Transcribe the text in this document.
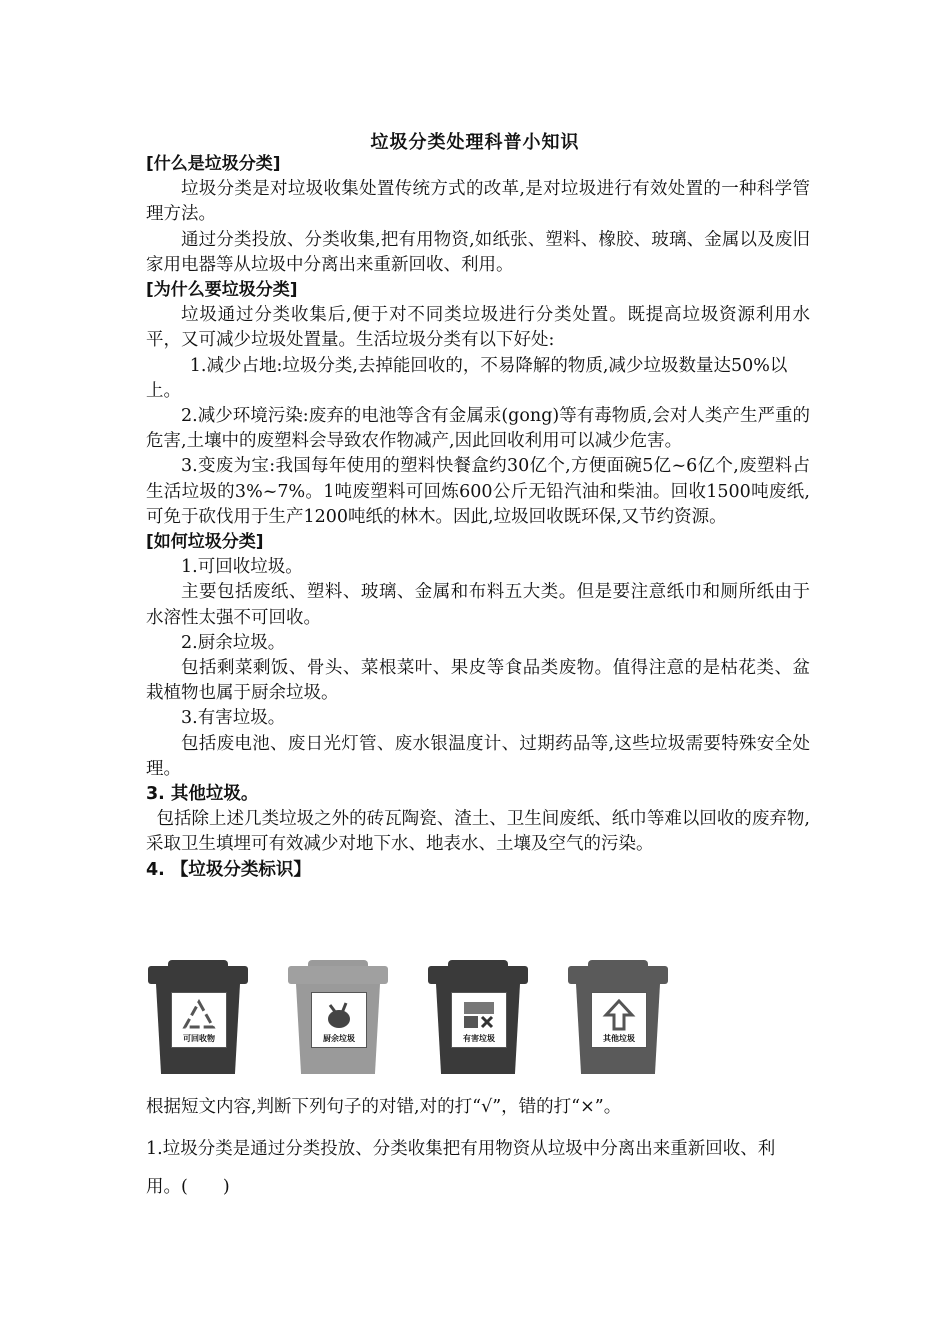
垃圾分类处理科普小知识
[什么是垃圾分类]

垃圾分类是对垃圾收集处置传统方式的改革,是对垃圾进行有效处置的一种科学管理方法。

通过分类投放、分类收集,把有用物资,如纸张、塑料、橡胶、玻璃、金属以及废旧家用电器等从垃圾中分离出来重新回收、利用。

[为什么要垃圾分类]

垃圾通过分类收集后,便于对不同类垃圾进行分类处置。既提高垃圾资源利用水平，又可减少垃圾处置量。生活垃圾分类有以下好处:

1.减少占地:垃圾分类,去掉能回收的，不易降解的物质,减少垃圾数量达50%以上。

2.减少环境污染:废弃的电池等含有金属汞(gong)等有毒物质,会对人类产生严重的危害,土壤中的废塑料会导致农作物减产,因此回收利用可以减少危害。

3.变废为宝:我国每年使用的塑料快餐盒约30亿个,方便面碗5亿~6亿个,废塑料占生活垃圾的3%~7%。1吨废塑料可回炼600公斤无铅汽油和柴油。回收1500吨废纸,可免于砍伐用于生产1200吨纸的林木。因此,垃圾回收既环保,又节约资源。

[如何垃圾分类]

1.可回收垃圾。

主要包括废纸、塑料、玻璃、金属和布料五大类。但是要注意纸巾和厕所纸由于水溶性太强不可回收。

2.厨余垃圾。

包括剩菜剩饭、骨头、菜根菜叶、果皮等食品类废物。值得注意的是枯花类、盆栽植物也属于厨余垃圾。

3.有害垃圾。

包括废电池、废日光灯管、废水银温度计、过期药品等,这些垃圾需要特殊安全处理。

3. 其他垃圾。

包括除上述几类垃圾之外的砖瓦陶瓷、渣土、卫生间废纸、纸巾等难以回收的废弃物,采取卫生填埋可有效减少对地下水、地表水、土壤及空气的污染。

4. 【垃圾分类标识】
可回收物	厨余垃圾	有害垃圾	其他垃圾

根据短文内容,判断下列句子的对错,对的打“√”，错的打“×”。

1.垃圾分类是通过分类投放、分类收集把有用物资从垃圾中分离出来重新回收、利用。(　　)
